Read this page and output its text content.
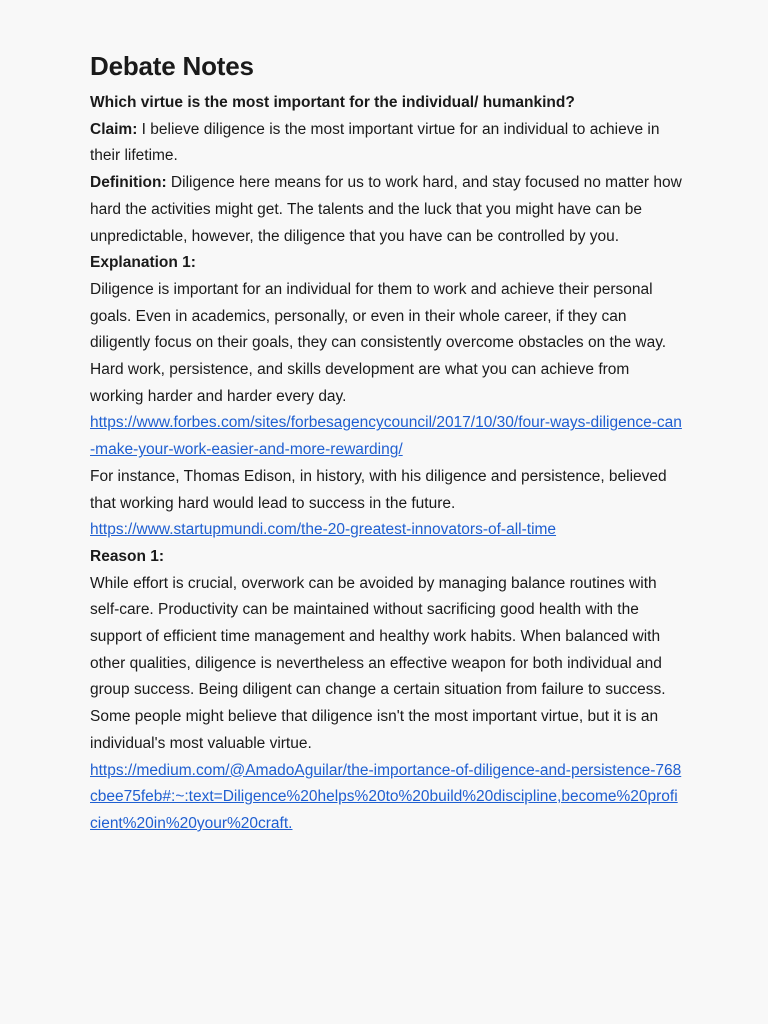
Debate Notes

Which virtue is the most important for the individual/ humankind?

Claim: I believe diligence is the most important virtue for an individual to achieve in their lifetime.

Definition: Diligence here means for us to work hard, and stay focused no matter how hard the activities might get. The talents and the luck that you might have can be unpredictable, however, the diligence that you have can be controlled by you.

Explanation 1:

Diligence is important for an individual for them to work and achieve their personal goals. Even in academics, personally, or even in their whole career, if they can diligently focus on their goals, they can consistently overcome obstacles on the way. Hard work, persistence, and skills development are what you can achieve from working harder and harder every day.

https://www.forbes.com/sites/forbesagencycouncil/2017/10/30/four-ways-diligence-can-make-your-work-easier-and-more-rewarding/

For instance, Thomas Edison, in history, with his diligence and persistence, believed that working hard would lead to success in the future.

https://www.startupmundi.com/the-20-greatest-innovators-of-all-time

Reason 1:

While effort is crucial, overwork can be avoided by managing balance routines with self-care. Productivity can be maintained without sacrificing good health with the support of efficient time management and healthy work habits. When balanced with other qualities, diligence is nevertheless an effective weapon for both individual and group success. Being diligent can change a certain situation from failure to success. Some people might believe that diligence isn't the most important virtue, but it is an individual's most valuable virtue.

https://medium.com/@AmadoAguilar/the-importance-of-diligence-and-persistence-768cbee75feb#:~:text=Diligence%20helps%20to%20build%20discipline,become%20proficient%20in%20your%20craft.
